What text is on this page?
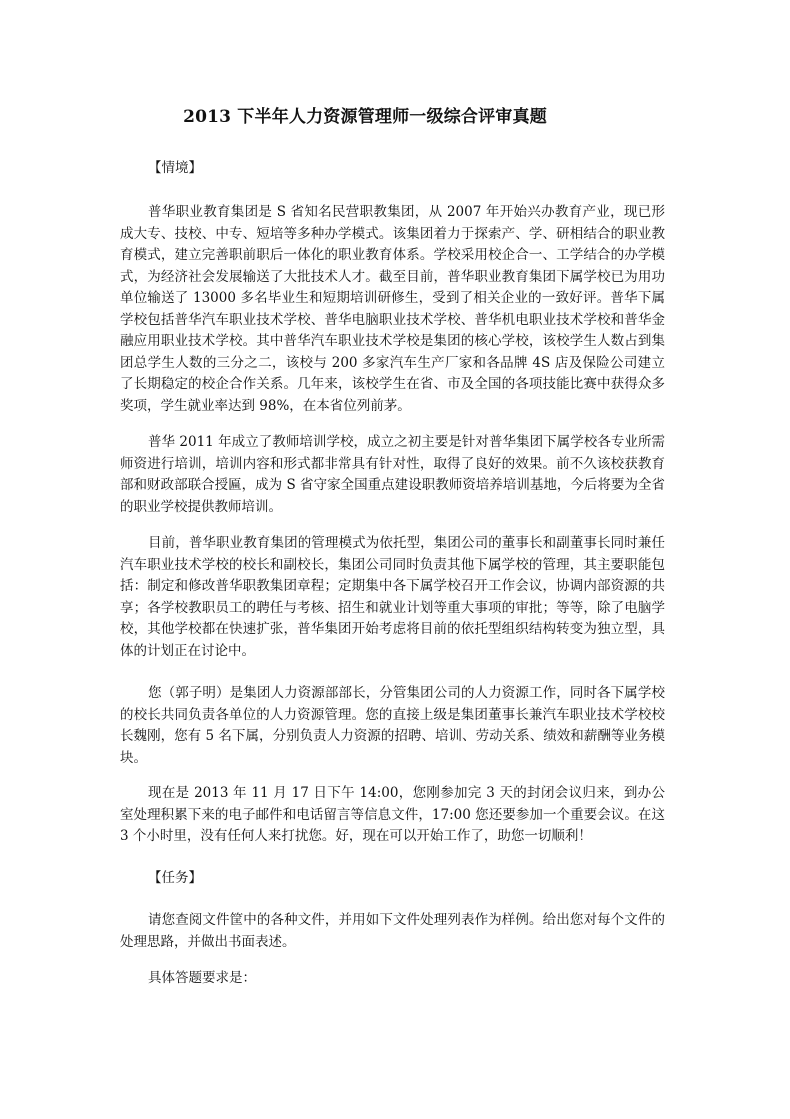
2013 下半年人力资源管理师一级综合评审真题
【情境】
普华职业教育集团是 S 省知名民营职教集团，从 2007 年开始兴办教育产业，现已形成大专、技校、中专、短培等多种办学模式。该集团着力于探索产、学、研相结合的职业教育模式，建立完善职前职后一体化的职业教育体系。学校采用校企合一、工学结合的办学模式，为经济社会发展输送了大批技术人才。截至目前，普华职业教育集团下属学校已为用功单位输送了 13000 多名毕业生和短期培训研修生，受到了相关企业的一致好评。普华下属学校包括普华汽车职业技术学校、普华电脑职业技术学校、普华机电职业技术学校和普华金融应用职业技术学校。其中普华汽车职业技术学校是集团的核心学校，该校学生人数占到集团总学生人数的三分之二，该校与 200 多家汽车生产厂家和各品牌 4S 店及保险公司建立了长期稳定的校企合作关系。几年来，该校学生在省、市及全国的各项技能比赛中获得众多奖项，学生就业率达到 98%，在本省位列前茅。
普华 2011 年成立了教师培训学校，成立之初主要是针对普华集团下属学校各专业所需师资进行培训，培训内容和形式都非常具有针对性，取得了良好的效果。前不久该校获教育部和财政部联合授匾，成为 S 省守家全国重点建设职教师资培养培训基地，今后将要为全省的职业学校提供教师培训。
目前，普华职业教育集团的管理模式为依托型，集团公司的董事长和副董事长同时兼任汽车职业技术学校的校长和副校长，集团公司同时负责其他下属学校的管理，其主要职能包括：制定和修改普华职教集团章程；定期集中各下属学校召开工作会议，协调内部资源的共享；各学校教职员工的聘任与考核、招生和就业计划等重大事项的审批；等等，除了电脑学校，其他学校都在快速扩张，普华集团开始考虑将目前的依托型组织结构转变为独立型，具体的计划正在讨论中。
您（郭子明）是集团人力资源部部长，分管集团公司的人力资源工作，同时各下属学校的校长共同负责各单位的人力资源管理。您的直接上级是集团董事长兼汽车职业技术学校校长魏刚，您有 5 名下属，分别负责人力资源的招聘、培训、劳动关系、绩效和薪酬等业务模块。
现在是 2013 年 11 月 17 日下午 14:00，您刚参加完 3 天的封闭会议归来，到办公室处理积累下来的电子邮件和电话留言等信息文件，17:00 您还要参加一个重要会议。在这 3 个小时里，没有任何人来打扰您。好，现在可以开始工作了，助您一切顺利！
【任务】
请您查阅文件筐中的各种文件，并用如下文件处理列表作为样例。给出您对每个文件的处理思路，并做出书面表述。
具体答题要求是：
